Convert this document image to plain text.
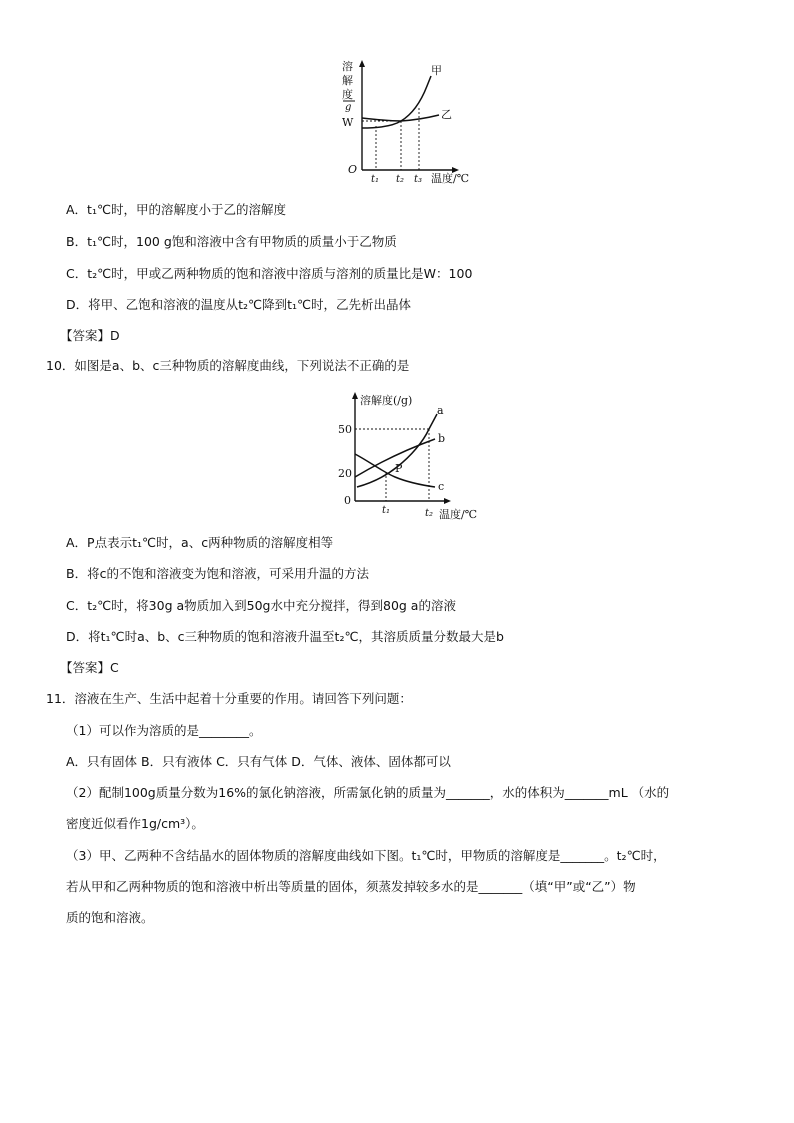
溶
解
度
g
W
O
甲
乙
t₁ t₂ t₃ 温度/℃
A．t₁℃时，甲的溶解度小于乙的溶解度
B．t₁℃时，100 g饱和溶液中含有甲物质的质量小于乙物质
C．t₂℃时，甲或乙两种物质的饱和溶液中溶质与溶剂的质量比是W：100
D．将甲、乙饱和溶液的温度从t₂℃降到t₁℃时，乙先析出晶体
【答案】D
10．如图是a、b、c三种物质的溶解度曲线，下列说法不正确的是
溶解度(/g)
50
20
0
a
b
c
P
t₁	t₂ 温度/℃
A．P点表示t₁℃时，a、c两种物质的溶解度相等
B．将c的不饱和溶液变为饱和溶液，可采用升温的方法
C．t₂℃时，将30g a物质加入到50g水中充分搅拌，得到80g a的溶液
D．将t₁℃时a、b、c三种物质的饱和溶液升温至t₂℃，其溶质质量分数最大是b
【答案】C
11．溶液在生产、生活中起着十分重要的作用。请回答下列问题：
（1）可以作为溶质的是________。
A．只有固体 B．只有液体 C．只有气体 D．气体、液体、固体都可以
（2）配制100g质量分数为16%的氯化钠溶液，所需氯化钠的质量为_______，水的体积为_______mL （水的
密度近似看作1g/cm³）。
（3）甲、乙两种不含结晶水的固体物质的溶解度曲线如下图。t₁℃时，甲物质的溶解度是_______。t₂℃时，
若从甲和乙两种物质的饱和溶液中析出等质量的固体，须蒸发掉较多水的是_______（填“甲”或“乙”）物
质的饱和溶液。
